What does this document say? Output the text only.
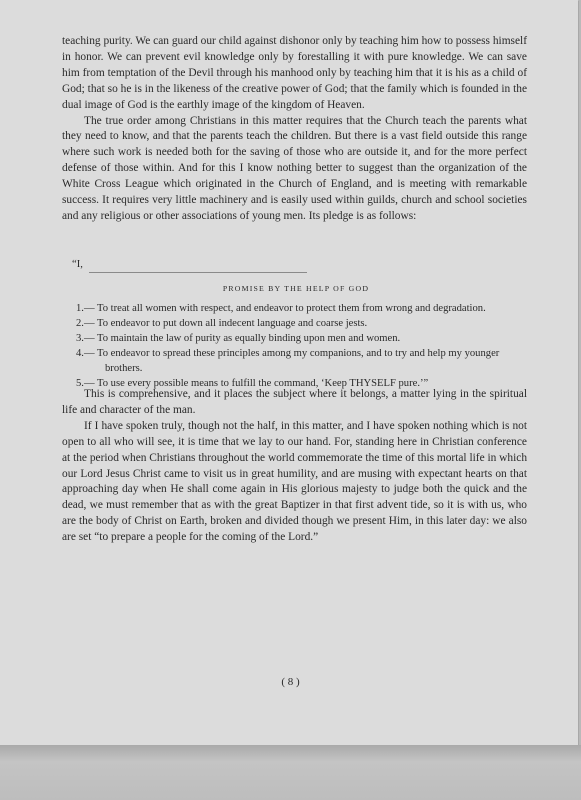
teaching purity. We can guard our child against dishonor only by teaching him how to possess himself in honor. We can prevent evil knowledge only by forestalling it with pure knowledge. We can save him from temptation of the Devil through his manhood only by teaching him that it is his as a child of God; that so he is in the likeness of the creative power of God; that the family which is founded in the dual image of God is the earthly image of the kingdom of Heaven.

The true order among Christians in this matter requires that the Church teach the parents what they need to know, and that the parents teach the children. But there is a vast field outside this range where such work is needed both for the saving of those who are outside it, and for the more perfect defense of those within. And for this I know nothing better to suggest than the organization of the White Cross League which originated in the Church of England, and is meeting with remarkable success. It requires very little machinery and is easily used within guilds, church and school societies and any religious or other associations of young men. Its pledge is as follows:

“I,
PROMISE BY THE HELP OF GOD
1.— To treat all women with respect, and endeavor to protect them from wrong and degradation.
2.— To endeavor to put down all indecent language and coarse jests.
3.— To maintain the law of purity as equally binding upon men and women.
4.— To endeavor to spread these principles among my companions, and to try and help my younger brothers.
5.— To use every possible means to fulfill the command, ‘Keep THYSELF pure.’”

This is comprehensive, and it places the subject where it belongs, a matter lying in the spiritual life and character of the man.

If I have spoken truly, though not the half, in this matter, and I have spoken nothing which is not open to all who will see, it is time that we lay to our hand. For, standing here in Christian conference at the period when Christians throughout the world commemorate the time of this mortal life in which our Lord Jesus Christ came to visit us in great humility, and are musing with expectant hearts on that approaching day when He shall come again in His glorious majesty to judge both the quick and the dead, we must remember that as with the great Baptizer in that first advent tide, so it is with us, who are the body of Christ on Earth, broken and divided though we present Him, in this later day: we also are set “to prepare a people for the coming of the Lord.”

( 8 )
